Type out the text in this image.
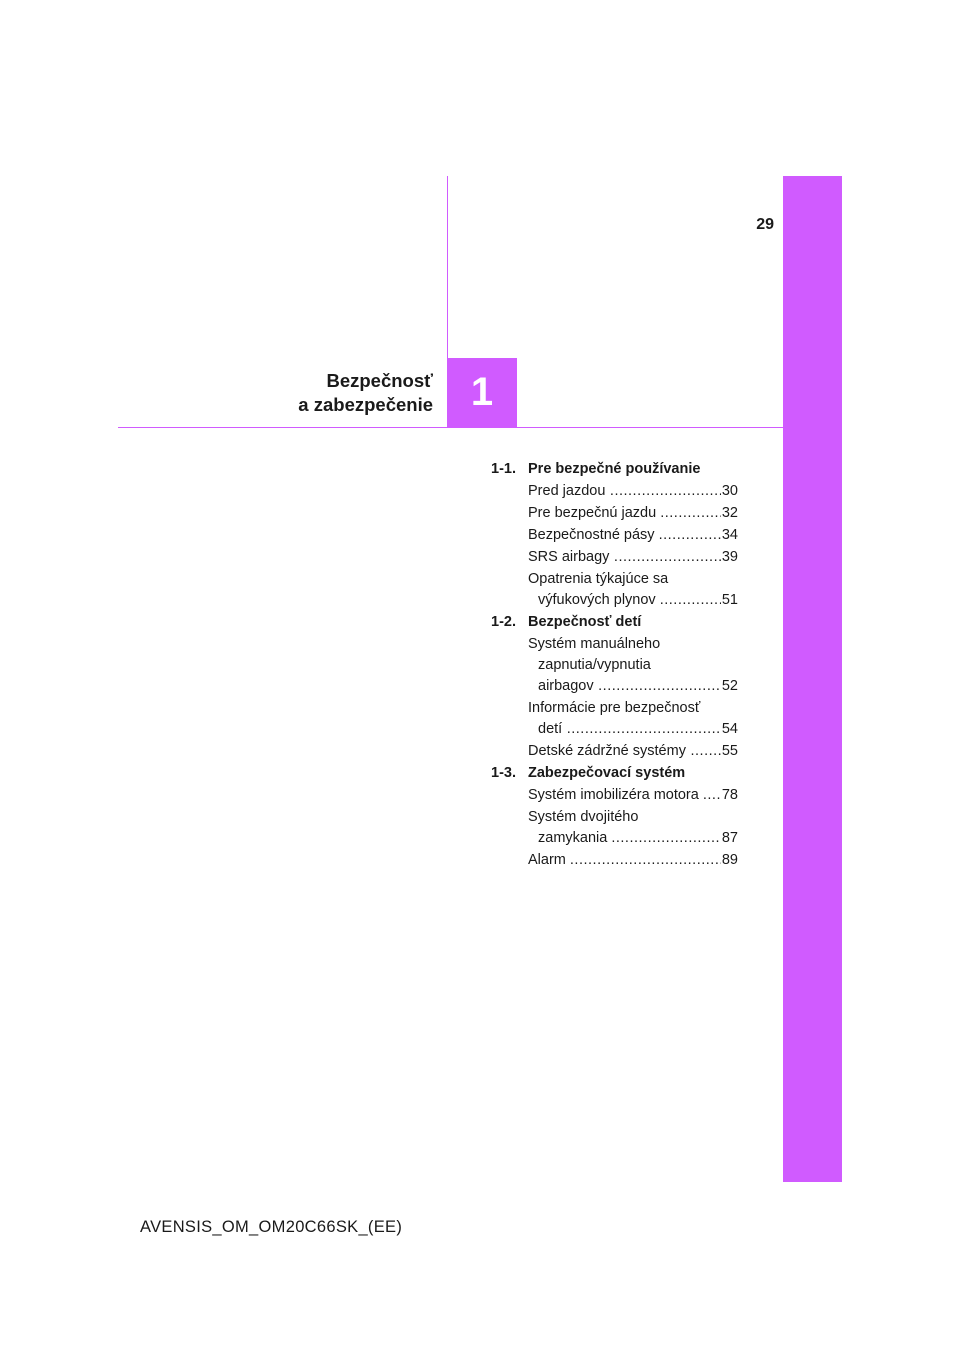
1
29
Bezpečnosť
a zabezpečenie
1-1. Pre bezpečné používanie
Pred jazdou .....	30
Pre bezpečnú jazdu .....	32
Bezpečnostné pásy .....	34
SRS airbagy .....	39
Opatrenia týkajúce sa
výfukových plynov .....	51
1-2. Bezpečnosť detí
Systém manuálneho
zapnutia/vypnutia
airbagov .....	52
Informácie pre bezpečnosť
detí .....	54
Detské zádržné systémy .....	55
1-3. Zabezpečovací systém
Systém imobilizéra motora .....	78
Systém dvojitého
zamykania .....	87
Alarm .....	89
AVENSIS_OM_OM20C66SK_(EE)
